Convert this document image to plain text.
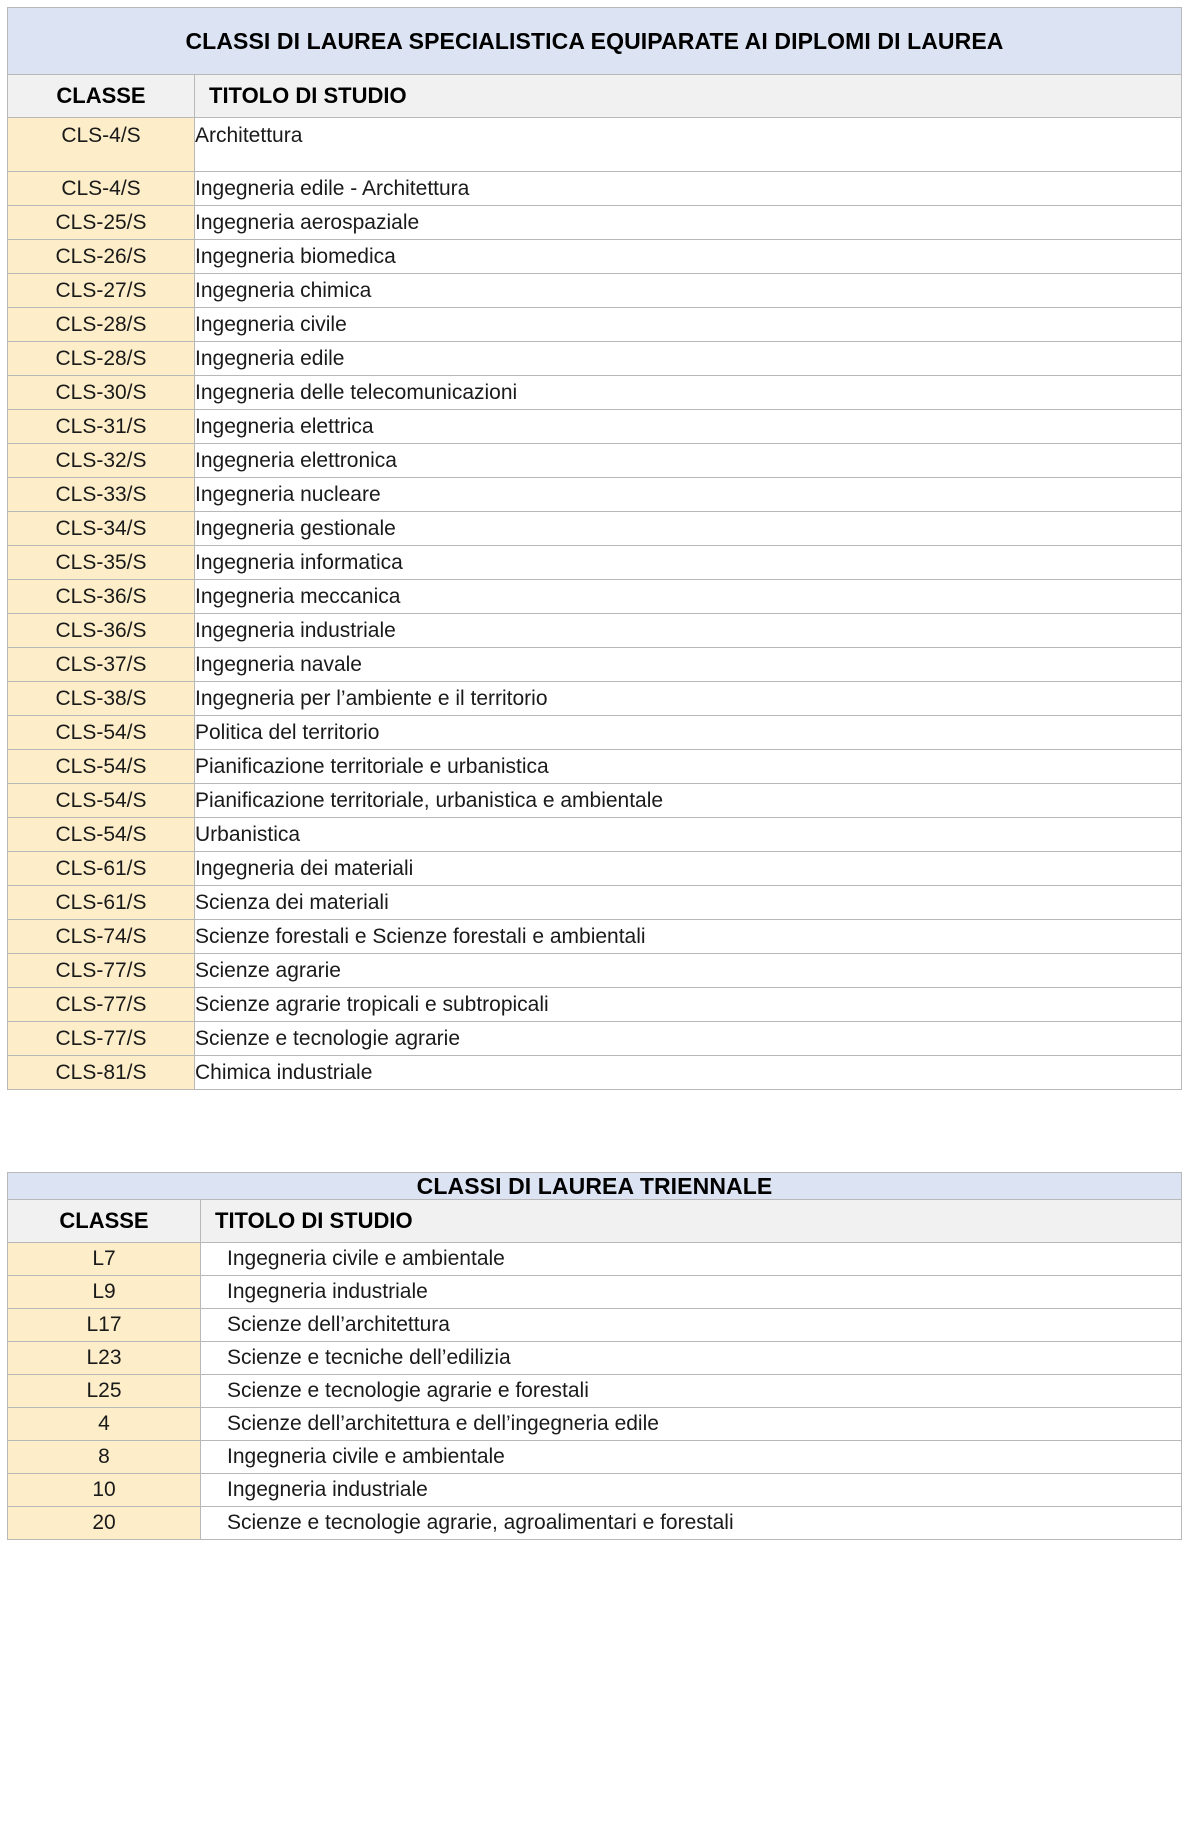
CLASSI DI LAUREA SPECIALISTICA EQUIPARATE AI DIPLOMI DI LAUREA	
CLASSE	TITOLO DI STUDIO
CLS-4/S	Architettura
CLS-4/S	Ingegneria edile - Architettura
CLS-25/S	Ingegneria aerospaziale
CLS-26/S	Ingegneria biomedica
CLS-27/S	Ingegneria chimica
CLS-28/S	Ingegneria civile
CLS-28/S	Ingegneria edile
CLS-30/S	Ingegneria delle telecomunicazioni
CLS-31/S	Ingegneria elettrica
CLS-32/S	Ingegneria elettronica
CLS-33/S	Ingegneria nucleare
CLS-34/S	Ingegneria gestionale
CLS-35/S	Ingegneria informatica
CLS-36/S	Ingegneria meccanica
CLS-36/S	Ingegneria industriale
CLS-37/S	Ingegneria navale
CLS-38/S	Ingegneria per l’ambiente e il territorio
CLS-54/S	Politica del territorio
CLS-54/S	Pianificazione territoriale e urbanistica
CLS-54/S	Pianificazione territoriale, urbanistica e ambientale
CLS-54/S	Urbanistica
CLS-61/S	Ingegneria dei materiali
CLS-61/S	Scienza dei materiali
CLS-74/S	Scienze forestali e Scienze forestali e ambientali
CLS-77/S	Scienze agrarie
CLS-77/S	Scienze agrarie tropicali e subtropicali
CLS-77/S	Scienze e tecnologie agrarie
CLS-81/S	Chimica industriale
CLASSI DI LAUREA TRIENNALE	
CLASSE	TITOLO DI STUDIO
L7	Ingegneria civile e ambientale
L9	Ingegneria industriale
L17	Scienze dell’architettura
L23	Scienze e tecniche dell’edilizia
L25	Scienze e tecnologie agrarie e forestali
4	Scienze dell’architettura e dell’ingegneria edile
8	Ingegneria civile e ambientale
10	Ingegneria industriale
20	Scienze e tecnologie agrarie, agroalimentari e forestali
